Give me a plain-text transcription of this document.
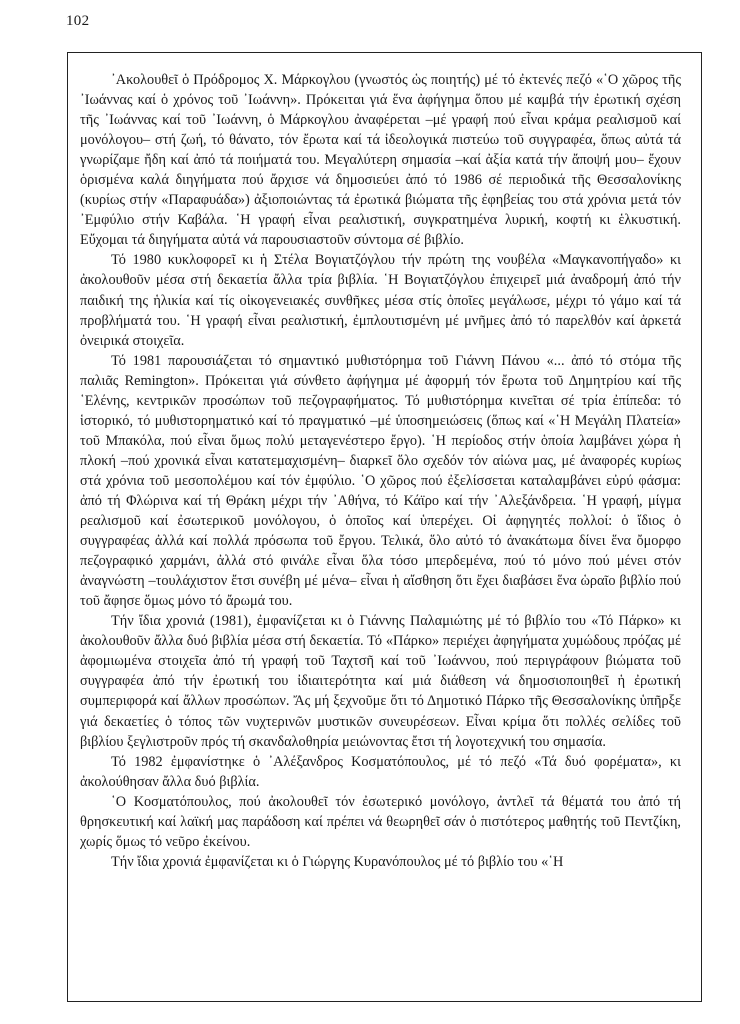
102

᾿Ακολουθεῖ ὁ Πρόδρομος Χ. Μάρκογλου (γνωστός ὡς ποιητής) μέ τό ἐκτενές πεζό «῾Ο χῶρος τῆς ᾿Ιωάννας καί ὁ χρόνος τοῦ ᾿Ιωάννη». Πρόκειται γιά ἕνα ἀφήγημα ὅπου μέ καμβά τήν ἐρωτική σχέση τῆς ᾿Ιωάννας καί τοῦ ᾿Ιωάννη, ὁ Μάρκογλου ἀναφέρεται –μέ γραφή πού εἶναι κράμα ρεαλισμοῦ καί μονόλογου– στή ζωή, τό θάνατο, τόν ἔρωτα καί τά ἰδεολογικά πιστεύω τοῦ συγγραφέα, ὅπως αὐτά τά γνωρίζαμε ἤδη καί ἀπό τά ποιήματά του. Μεγαλύτερη σημασία –καί ἀξία κατά τήν ἄποψή μου– ἔχουν ὁρισμένα καλά διηγήματα πού ἄρχισε νά δημοσιεύει ἀπό τό 1986 σέ περιοδικά τῆς Θεσσαλονίκης (κυρίως στήν «Παραφυάδα») ἀξιοποιώντας τά ἐρωτικά βιώματα τῆς ἐφηβείας του στά χρόνια μετά τόν ᾿Εμφύλιο στήν Καβάλα. ῾Η γραφή εἶναι ρεαλιστική, συγκρατημένα λυρική, κοφτή κι ἑλκυστική. Εὔχομαι τά διηγήματα αὐτά νά παρουσιαστοῦν σύντομα σέ βιβλίο.

Τό 1980 κυκλοφορεῖ κι ἡ Στέλα Βογιατζόγλου τήν πρώτη της νουβέλα «Μαγκανοπήγαδο» κι ἀκολουθοῦν μέσα στή δεκαετία ἄλλα τρία βιβλία. ῾Η Βογιατζόγλου ἐπιχειρεῖ μιά ἀναδρομή ἀπό τήν παιδική της ἡλικία καί τίς οἰκογενειακές συνθῆκες μέσα στίς ὁποῖες μεγάλωσε, μέχρι τό γάμο καί τά προβλήματά του. ῾Η γραφή εἶναι ρεαλιστική, ἐμπλουτισμένη μέ μνῆμες ἀπό τό παρελθόν καί ἀρκετά ὀνειρικά στοιχεῖα.

Τό 1981 παρουσιάζεται τό σημαντικό μυθιστόρημα τοῦ Γιάννη Πάνου «... ἀπό τό στόμα τῆς παλιᾶς Remington». Πρόκειται γιά σύνθετο ἀφήγημα μέ ἀφορμή τόν ἔρωτα τοῦ Δημητρίου καί τῆς ῾Ελένης, κεντρικῶν προσώπων τοῦ πεζογραφήματος. Τό μυθιστόρημα κινεῖται σέ τρία ἐπίπεδα: τό ἱστορικό, τό μυθιστορηματικό καί τό πραγματικό –μέ ὑποσημειώσεις (ὅπως καί «῾Η Μεγάλη Πλατεία» τοῦ Μπακόλα, πού εἶναι ὅμως πολύ μεταγενέστερο ἔργο). ῾Η περίοδος στήν ὁποία λαμβάνει χώρα ἡ πλοκή –πού χρονικά εἶναι κατατεμαχισμένη– διαρκεῖ ὅλο σχεδόν τόν αἰώνα μας, μέ ἀναφορές κυρίως στά χρόνια τοῦ μεσοπολέμου καί τόν ἐμφύλιο. ῾Ο χῶρος πού ἐξελίσσεται καταλαμβάνει εὐρύ φάσμα: ἀπό τή Φλώρινα καί τή Θράκη μέχρι τήν ᾿Αθήνα, τό Κάϊρο καί τήν ᾿Αλεξάνδρεια. ῾Η γραφή, μίγμα ρεαλισμοῦ καί ἐσωτερικοῦ μονόλογου, ὁ ὁποῖος καί ὑπερέχει. Οἱ ἀφηγητές πολλοί: ὁ ἴδιος ὁ συγγραφέας ἀλλά καί πολλά πρόσωπα τοῦ ἔργου. Τελικά, ὅλο αὐτό τό ἀνακάτωμα δίνει ἕνα ὄμορφο πεζογραφικό χαρμάνι, ἀλλά στό φινάλε εἶναι ὅλα τόσο μπερδεμένα, πού τό μόνο πού μένει στόν ἀναγνώστη –τουλάχιστον ἔτσι συνέβη μέ μένα– εἶναι ἡ αἴσθηση ὅτι ἔχει διαβάσει ἕνα ὡραῖο βιβλίο πού τοῦ ἄφησε ὅμως μόνο τό ἄρωμά του.

Τήν ἴδια χρονιά (1981), ἐμφανίζεται κι ὁ Γιάννης Παλαμιώτης μέ τό βιβλίο του «Τό Πάρκο» κι ἀκολουθοῦν ἄλλα δυό βιβλία μέσα στή δεκαετία. Τό «Πάρκο» περιέχει ἀφηγήματα χυμώδους πρόζας μέ ἀφομιωμένα στοιχεῖα ἀπό τή γραφή τοῦ Ταχτσῆ καί τοῦ ᾿Ιωάννου, πού περιγράφουν βιώματα τοῦ συγγραφέα ἀπό τήν ἐρωτική του ἰδιαιτερότητα καί μιά διάθεση νά δημοσιοποιηθεῖ ἡ ἐρωτική συμπεριφορά καί ἄλλων προσώπων. Ἄς μή ξεχνοῦμε ὅτι τό Δημοτικό Πάρκο τῆς Θεσσαλονίκης ὑπῆρξε γιά δεκαετίες ὁ τόπος τῶν νυχτερινῶν μυστικῶν συνευρέσεων. Εἶναι κρίμα ὅτι πολλές σελίδες τοῦ βιβλίου ξεγλιστροῦν πρός τή σκανδαλοθηρία μειώνοντας ἔτσι τή λογοτεχνική του σημασία.

Τό 1982 ἐμφανίστηκε ὁ ᾿Αλέξανδρος Κοσματόπουλος, μέ τό πεζό «Τά δυό φορέματα», κι ἀκολούθησαν ἄλλα δυό βιβλία.

῾Ο Κοσματόπουλος, πού ἀκολουθεῖ τόν ἐσωτερικό μονόλογο, ἀντλεῖ τά θέματά του ἀπό τή θρησκευτική καί λαϊκή μας παράδοση καί πρέπει νά θεωρηθεῖ σάν ὁ πιστότερος μαθητής τοῦ Πεντζίκη, χωρίς ὅμως τό νεῦρο ἐκείνου.

Τήν ἴδια χρονιά ἐμφανίζεται κι ὁ Γιώργης Κυρανόπουλος μέ τό βιβλίο του «῾Η
